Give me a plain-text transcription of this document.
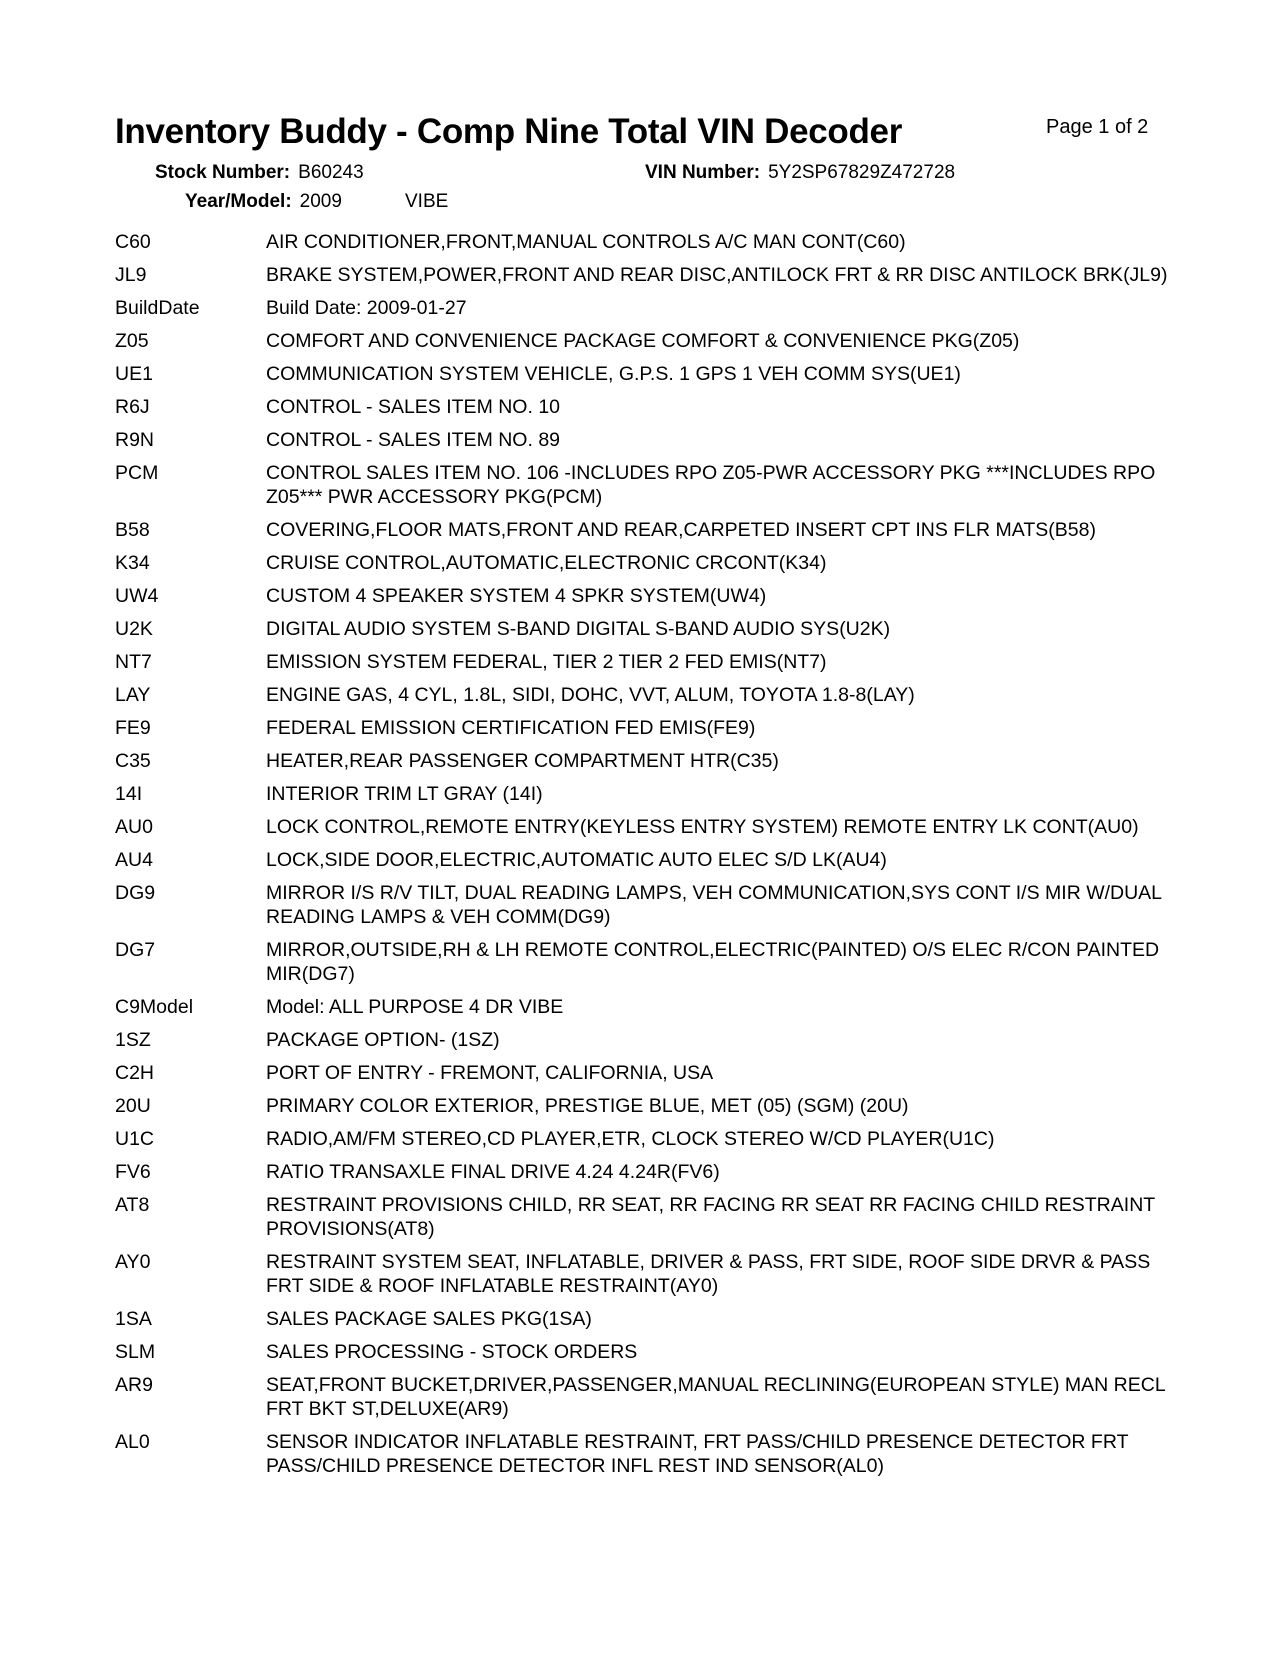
Inventory Buddy - Comp Nine Total VIN Decoder	Page 1 of 2
Stock Number: B60243	VIN Number: 5Y2SP67829Z472728
Year/Model: 2009	VIBE
C60	AIR CONDITIONER,FRONT,MANUAL CONTROLS A/C MAN CONT(C60)
JL9	BRAKE SYSTEM,POWER,FRONT AND REAR DISC,ANTILOCK FRT & RR DISC ANTILOCK BRK(JL9)
BuildDate	Build Date: 2009-01-27
Z05	COMFORT AND CONVENIENCE PACKAGE COMFORT & CONVENIENCE PKG(Z05)
UE1	COMMUNICATION SYSTEM VEHICLE, G.P.S. 1 GPS 1 VEH COMM SYS(UE1)
R6J	CONTROL - SALES ITEM NO. 10
R9N	CONTROL - SALES ITEM NO. 89
PCM	CONTROL SALES ITEM NO. 106 -INCLUDES RPO Z05-PWR ACCESSORY PKG ***INCLUDES RPO Z05*** PWR ACCESSORY PKG(PCM)
B58	COVERING,FLOOR MATS,FRONT AND REAR,CARPETED INSERT CPT INS FLR MATS(B58)
K34	CRUISE CONTROL,AUTOMATIC,ELECTRONIC CRCONT(K34)
UW4	CUSTOM 4 SPEAKER SYSTEM 4 SPKR SYSTEM(UW4)
U2K	DIGITAL AUDIO SYSTEM S-BAND DIGITAL S-BAND AUDIO SYS(U2K)
NT7	EMISSION SYSTEM FEDERAL, TIER 2 TIER 2 FED EMIS(NT7)
LAY	ENGINE GAS, 4 CYL, 1.8L, SIDI, DOHC, VVT, ALUM, TOYOTA 1.8-8(LAY)
FE9	FEDERAL EMISSION CERTIFICATION FED EMIS(FE9)
C35	HEATER,REAR PASSENGER COMPARTMENT HTR(C35)
14I	INTERIOR TRIM LT GRAY (14I)
AU0	LOCK CONTROL,REMOTE ENTRY(KEYLESS ENTRY SYSTEM) REMOTE ENTRY LK CONT(AU0)
AU4	LOCK,SIDE DOOR,ELECTRIC,AUTOMATIC AUTO ELEC S/D LK(AU4)
DG9	MIRROR I/S R/V TILT, DUAL READING LAMPS, VEH COMMUNICATION,SYS CONT I/S MIR W/DUAL READING LAMPS & VEH COMM(DG9)
DG7	MIRROR,OUTSIDE,RH & LH REMOTE CONTROL,ELECTRIC(PAINTED) O/S ELEC R/CON PAINTED MIR(DG7)
C9Model	Model: ALL PURPOSE 4 DR VIBE
1SZ	PACKAGE OPTION- (1SZ)
C2H	PORT OF ENTRY - FREMONT, CALIFORNIA, USA
20U	PRIMARY COLOR EXTERIOR, PRESTIGE BLUE, MET (05) (SGM) (20U)
U1C	RADIO,AM/FM STEREO,CD PLAYER,ETR, CLOCK STEREO W/CD PLAYER(U1C)
FV6	RATIO TRANSAXLE FINAL DRIVE 4.24 4.24R(FV6)
AT8	RESTRAINT PROVISIONS CHILD, RR SEAT, RR FACING RR SEAT RR FACING CHILD RESTRAINT PROVISIONS(AT8)
AY0	RESTRAINT SYSTEM SEAT, INFLATABLE, DRIVER & PASS, FRT SIDE, ROOF SIDE DRVR & PASS FRT SIDE & ROOF INFLATABLE RESTRAINT(AY0)
1SA	SALES PACKAGE SALES PKG(1SA)
SLM	SALES PROCESSING - STOCK ORDERS
AR9	SEAT,FRONT BUCKET,DRIVER,PASSENGER,MANUAL RECLINING(EUROPEAN STYLE) MAN RECL FRT BKT ST,DELUXE(AR9)
AL0	SENSOR INDICATOR INFLATABLE RESTRAINT, FRT PASS/CHILD PRESENCE DETECTOR FRT PASS/CHILD PRESENCE DETECTOR INFL REST IND SENSOR(AL0)
